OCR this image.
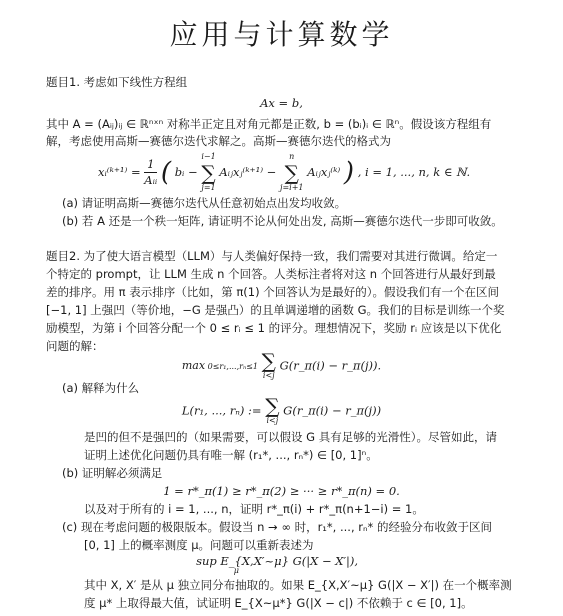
应用与计算数学
题目1. 考虑如下线性方程组
Ax = b,
其中 A = (Aᵢⱼ)ᵢⱼ ∈ ℝⁿˣⁿ 对称半正定且对角元都是正数, b = (bᵢ)ᵢ ∈ ℝⁿ。假设该方程组有
解，考虑使用高斯—赛德尔迭代求解之。高斯—赛德尔迭代的格式为
xᵢ⁽ᵏ⁺¹⁾ =
1
Aᵢᵢ ( bᵢ − i−1
∑
j=1 Aᵢⱼxⱼ⁽ᵏ⁺¹⁾ − n
∑
j=i+1 Aᵢⱼxⱼ⁽ᵏ⁾ ) , i = 1, ..., n, k ∈ ℕ.
(a) 请证明高斯—赛德尔迭代从任意初始点出发均收敛。
(b) 若 A 还是一个秩一矩阵, 请证明不论从何处出发, 高斯—赛德尔迭代一步即可收敛。
题目2. 为了使大语言模型（LLM）与人类偏好保持一致，我们需要对其进行微调。给定一
个特定的 prompt，让 LLM 生成 n 个回答。人类标注者将对这 n 个回答进行从最好到最
差的排序。用 π 表示排序（比如，第 π(1) 个回答认为是最好的）。假设我们有一个在区间
[−1, 1] 上强凹（等价地，−G 是强凸）的且单调递增的函数 G。我们的目标是训练一个奖
励模型，为第 i 个回答分配一个 0 ≤ rᵢ ≤ 1 的评分。理想情况下，奖励 rᵢ 应该是以下优化
问题的解：
max 0≤r₁,...,rₙ≤1 ∑
i<j G(r_π(i) − r_π(j)).
(a) 解释为什么
L(r₁, ..., rₙ) := ∑
i<j G(r_π(i) − r_π(j))
是凹的但不是强凹的（如果需要，可以假设 G 具有足够的光滑性）。尽管如此，请
证明上述优化问题仍具有唯一解 (r₁*, ..., rₙ*) ∈ [0, 1]ⁿ。
(b) 证明解必须满足
1 = r*_π(1) ≥ r*_π(2) ≥ ··· ≥ r*_π(n) = 0.
以及对于所有的 i = 1, ..., n，证明 r*_π(i) + r*_π(n+1−i) = 1。
(c) 现在考虑问题的极限版本。假设当 n → ∞ 时，r₁*, ..., rₙ* 的经验分布收敛于区间
[0, 1] 上的概率测度 μ。问题可以重新表述为
sup E_{X,X′~μ} G(|X − X′|), $_\mu$
其中 X, X′ 是从 μ 独立同分布抽取的。如果 E_{X,X′~μ} G(|X − X′|) 在一个概率测
度 μ* 上取得最大值，试证明 E_{X~μ*} G(|X − c|) 不依赖于 c ∈ [0, 1]。
